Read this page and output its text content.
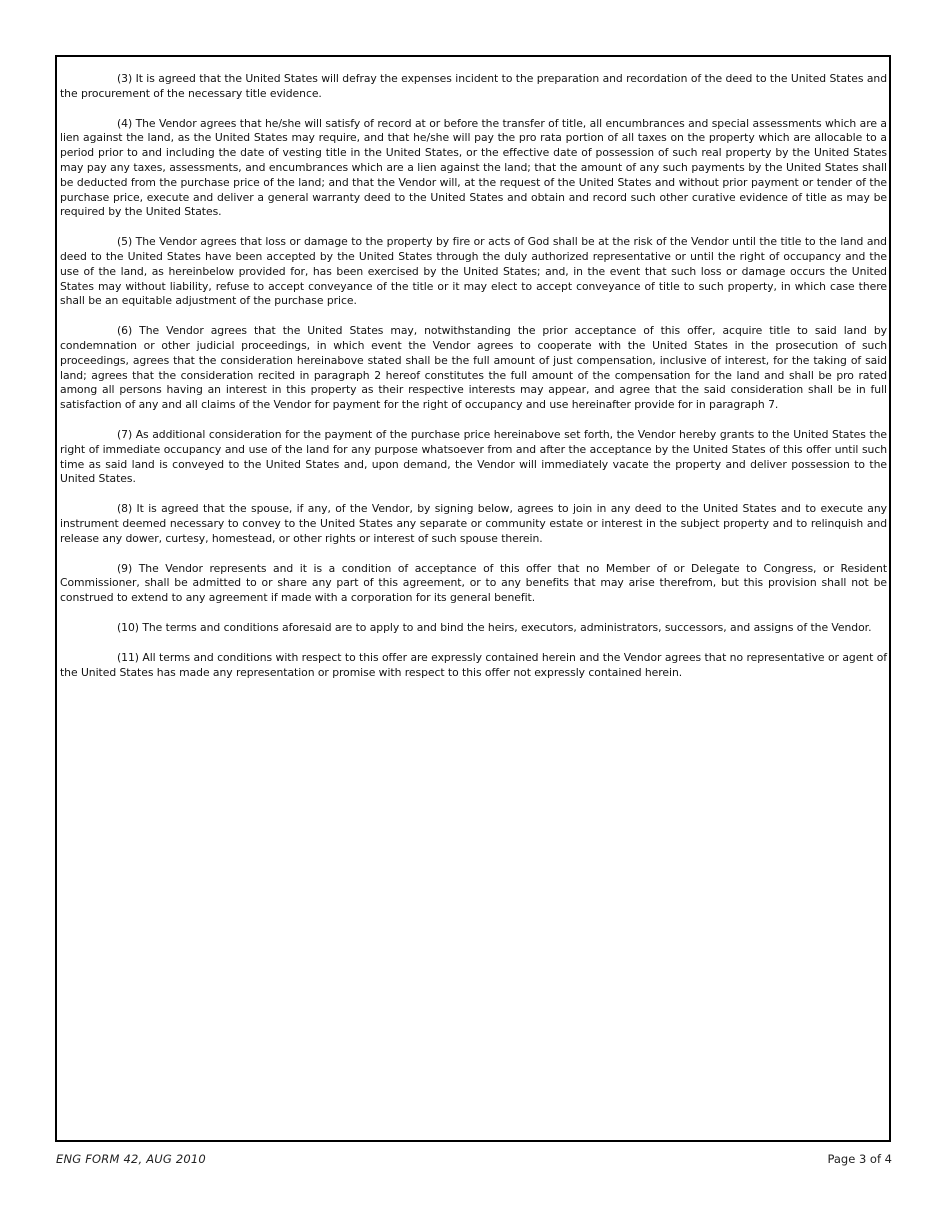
(3) It is agreed that the United States will defray the expenses incident to the preparation and recordation of the deed to the United States and the procurement of the necessary title evidence.

(4) The Vendor agrees that he/she will satisfy of record at or before the transfer of title, all encumbrances and special assessments which are a lien against the land, as the United States may require, and that he/she will pay the pro rata portion of all taxes on the property which are allocable to a period prior to and including the date of vesting title in the United States, or the effective date of possession of such real property by the United States may pay any taxes, assessments, and encumbrances which are a lien against the land; that the amount of any such payments by the United States shall be deducted from the purchase price of the land; and that the Vendor will, at the request of the United States and without prior payment or tender of the purchase price, execute and deliver a general warranty deed to the United States and obtain and record such other curative evidence of title as may be required by the United States.

(5) The Vendor agrees that loss or damage to the property by fire or acts of God shall be at the risk of the Vendor until the title to the land and deed to the United States have been accepted by the United States through the duly authorized representative or until the right of occupancy and the use of the land, as hereinbelow provided for, has been exercised by the United States; and, in the event that such loss or damage occurs the United States may without liability, refuse to accept conveyance of the title or it may elect to accept conveyance of title to such property, in which case there shall be an equitable adjustment of the purchase price.

(6) The Vendor agrees that the United States may, notwithstanding the prior acceptance of this offer, acquire title to said land by condemnation or other judicial proceedings, in which event the Vendor agrees to cooperate with the United States in the prosecution of such proceedings, agrees that the consideration hereinabove stated shall be the full amount of just compensation, inclusive of interest, for the taking of said land; agrees that the consideration recited in paragraph 2 hereof constitutes the full amount of the compensation for the land and shall be pro rated among all persons having an interest in this property as their respective interests may appear, and agree that the said consideration shall be in full satisfaction of any and all claims of the Vendor for payment for the right of occupancy and use hereinafter provide for in paragraph 7.

(7) As additional consideration for the payment of the purchase price hereinabove set forth, the Vendor hereby grants to the United States the right of immediate occupancy and use of the land for any purpose whatsoever from and after the acceptance by the United States of this offer until such time as said land is conveyed to the United States and, upon demand, the Vendor will immediately vacate the property and deliver possession to the United States.

(8) It is agreed that the spouse, if any, of the Vendor, by signing below, agrees to join in any deed to the United States and to execute any instrument deemed necessary to convey to the United States any separate or community estate or interest in the subject property and to relinquish and release any dower, curtesy, homestead, or other rights or interest of such spouse therein.

(9) The Vendor represents and it is a condition of acceptance of this offer that no Member of or Delegate to Congress, or Resident Commissioner, shall be admitted to or share any part of this agreement, or to any benefits that may arise therefrom, but this provision shall not be construed to extend to any agreement if made with a corporation for its general benefit.

(10) The terms and conditions aforesaid are to apply to and bind the heirs, executors, administrators, successors, and assigns of the Vendor.

(11) All terms and conditions with respect to this offer are expressly contained herein and the Vendor agrees that no representative or agent of the United States has made any representation or promise with respect to this offer not expressly contained herein.

ENG FORM 42, AUG 2010	Page 3 of 4
